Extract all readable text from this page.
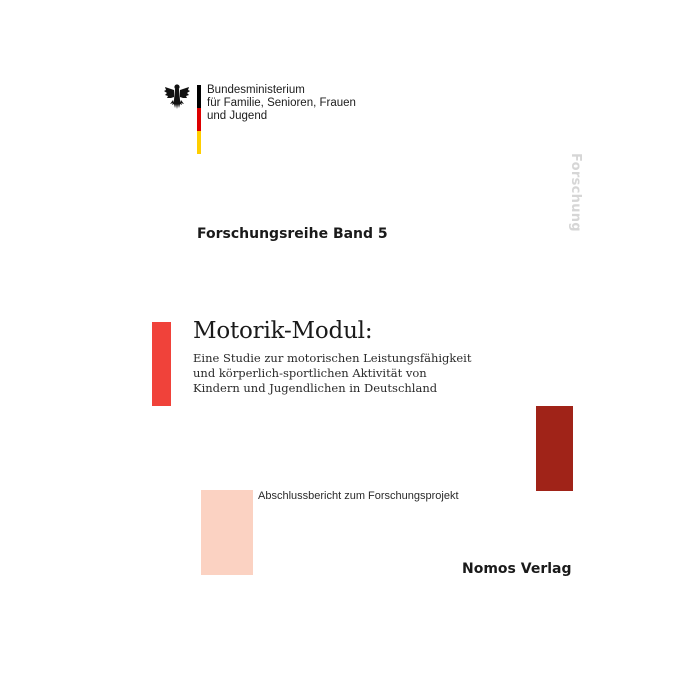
Bundesministerium
für Familie, Senioren, Frauen
und Jugend
Forschung
Forschungsreihe Band 5
Motorik-Modul:
Eine Studie zur motorischen Leistungsfähigkeit
und körperlich-sportlichen Aktivität von
Kindern und Jugendlichen in Deutschland
Abschlussbericht zum Forschungsprojekt
Nomos Verlag
